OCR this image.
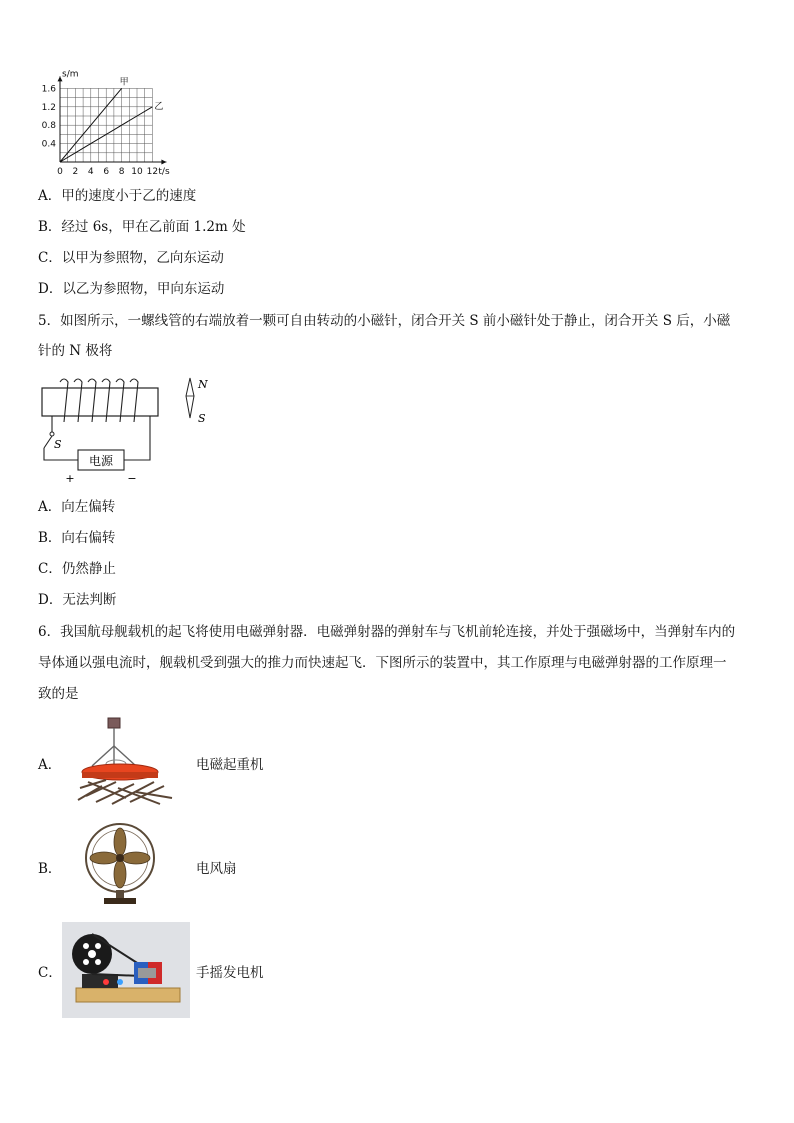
1.6
1.2
0.8
0.4
0 2 4 6 8 10 12
s/m
t/s
甲
乙
A．甲的速度小于乙的速度
B．经过 6s，甲在乙前面 1.2m 处
C．以甲为参照物，乙向东运动
D．以乙为参照物，甲向东运动
5．如图所示，一螺线管的右端放着一颗可自由转动的小磁针，闭合开关 S 前小磁针处于静止，闭合开关 S 后，小磁
针的 N 极将
S
电源
+	−
N
S
A．向左偏转
B．向右偏转
C．仍然静止
D．无法判断
6．我国航母舰载机的起飞将使用电磁弹射器．电磁弹射器的弹射车与飞机前轮连接，并处于强磁场中，当弹射车内的
导体通以强电流时，舰载机受到强大的推力而快速起飞．下图所示的装置中，其工作原理与电磁弹射器的工作原理一
致的是
A．	电磁起重机
B．	电风扇
C．	手摇发电机
